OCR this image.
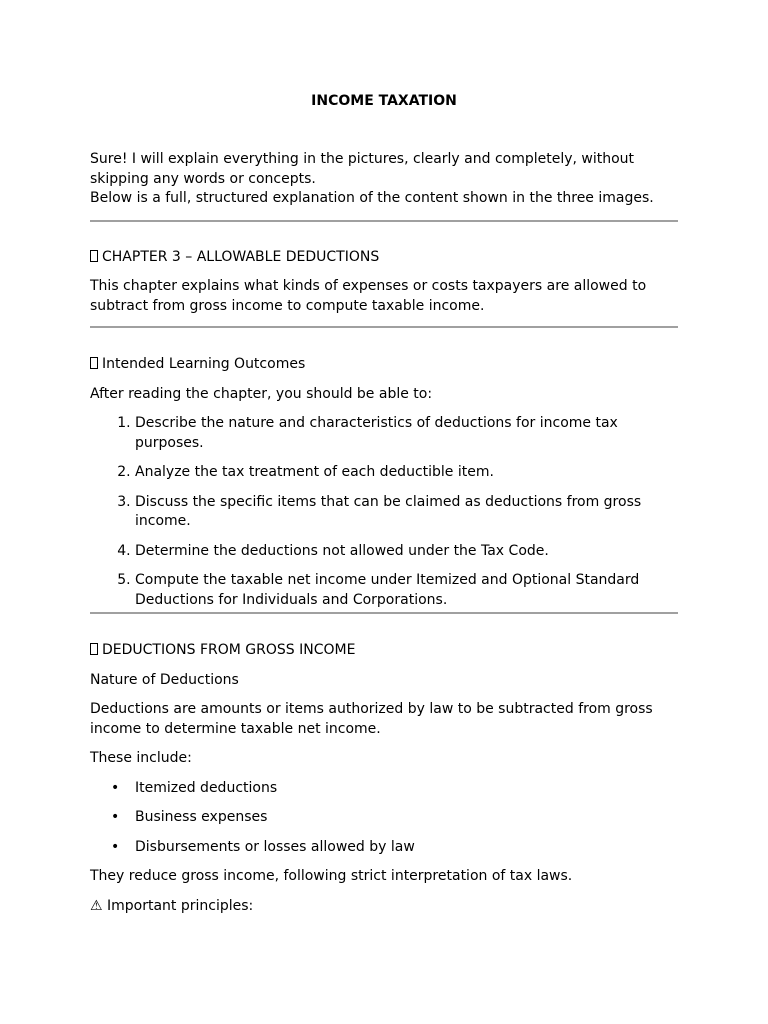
INCOME TAXATION
Sure! I will explain everything in the pictures, clearly and completely, without skipping any words or concepts.
Below is a full, structured explanation of the content shown in the three images.
CHAPTER 3 – ALLOWABLE DEDUCTIONS

This chapter explains what kinds of expenses or costs taxpayers are allowed to subtract from gross income to compute taxable income.

Intended Learning Outcomes

After reading the chapter, you should be able to:

1. Describe the nature and characteristics of deductions for income tax purposes.
2. Analyze the tax treatment of each deductible item.
3. Discuss the specific items that can be claimed as deductions from gross income.
4. Determine the deductions not allowed under the Tax Code.
5. Compute the taxable net income under Itemized and Optional Standard Deductions for Individuals and Corporations.
DEDUCTIONS FROM GROSS INCOME

Nature of Deductions

Deductions are amounts or items authorized by law to be subtracted from gross income to determine taxable net income.

These include:

• Itemized deductions
• Business expenses
• Disbursements or losses allowed by law

They reduce gross income, following strict interpretation of tax laws.

⚠ Important principles:
